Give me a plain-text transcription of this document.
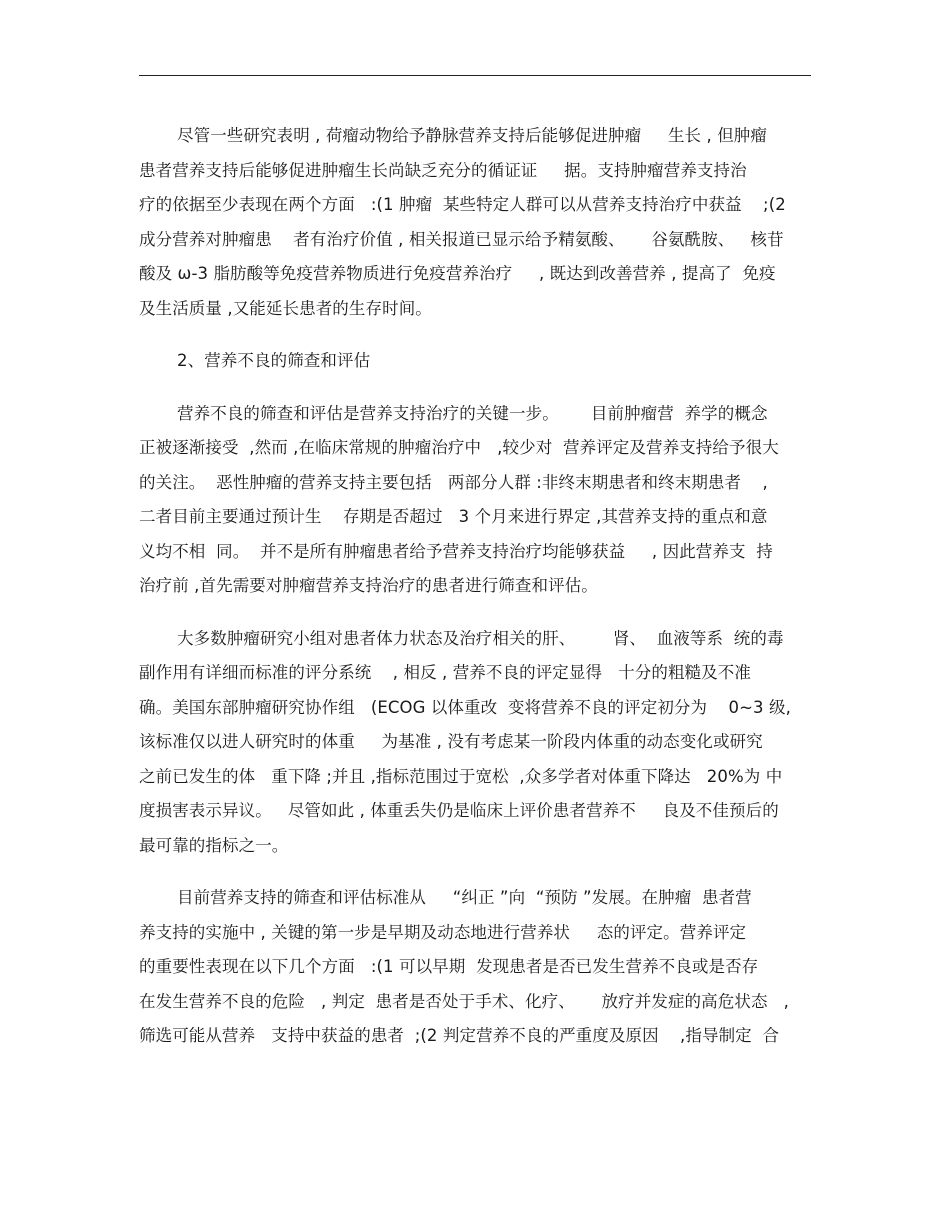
尽管一些研究表明 , 荷瘤动物给予静脉营养支持后能够促进肿瘤     生长 , 但肿瘤
患者营养支持后能够促进肿瘤生长尚缺乏充分的循证证     据。支持肿瘤营养支持治
疗的依据至少表现在两个方面   :(1 肿瘤  某些特定人群可以从营养支持治疗中获益    ;(2
成分营养对肿瘤患    者有治疗价值 , 相关报道已显示给予精氨酸、     谷氨酰胺、   核苷
酸及 ω-3 脂肪酸等免疫营养物质进行免疫营养治疗     , 既达到改善营养 , 提高了  免疫
及生活质量 ,又能延长患者的生存时间。
2、营养不良的筛查和评估
营养不良的筛查和评估是营养支持治疗的关键一步。      目前肿瘤营  养学的概念
正被逐渐接受  ,然而 ,在临床常规的肿瘤治疗中   ,较少对  营养评定及营养支持给予很大
的关注。  恶性肿瘤的营养支持主要包括   两部分人群 :非终末期患者和终末期患者    ,
二者目前主要通过预计生    存期是否超过   3 个月来进行界定 ,其营养支持的重点和意
义均不相  同。  并不是所有肿瘤患者给予营养支持治疗均能够获益     , 因此营养支  持
治疗前 ,首先需要对肿瘤营养支持治疗的患者进行筛查和评估。
大多数肿瘤研究小组对患者体力状态及治疗相关的肝、       肾、  血液等系  统的毒
副作用有详细而标准的评分系统    , 相反 , 营养不良的评定显得   十分的粗糙及不准
确。美国东部肿瘤研究协作组   (ECOG 以体重改  变将营养不良的评定初分为    0~3 级,
该标准仅以进人研究时的体重     为基准 , 没有考虑某一阶段内体重的动态变化或研究
之前已发生的体   重下降 ;并且 ,指标范围过于宽松  ,众多学者对体重下降达   20%为 中
度损害表示异议。   尽管如此 , 体重丢失仍是临床上评价患者营养不     良及不佳预后的
最可靠的指标之一。
目前营养支持的筛查和评估标准从     “纠正 ”向  “预防 ”发展。在肿瘤  患者营
养支持的实施中 , 关键的第一步是早期及动态地进行营养状     态的评定。营养评定
的重要性表现在以下几个方面   :(1 可以早期  发现患者是否已发生营养不良或是否存
在发生营养不良的危险   , 判定  患者是否处于手术、化疗、     放疗并发症的高危状态   ,
筛选可能从营养   支持中获益的患者  ;(2 判定营养不良的严重度及原因    ,指导制定  合
